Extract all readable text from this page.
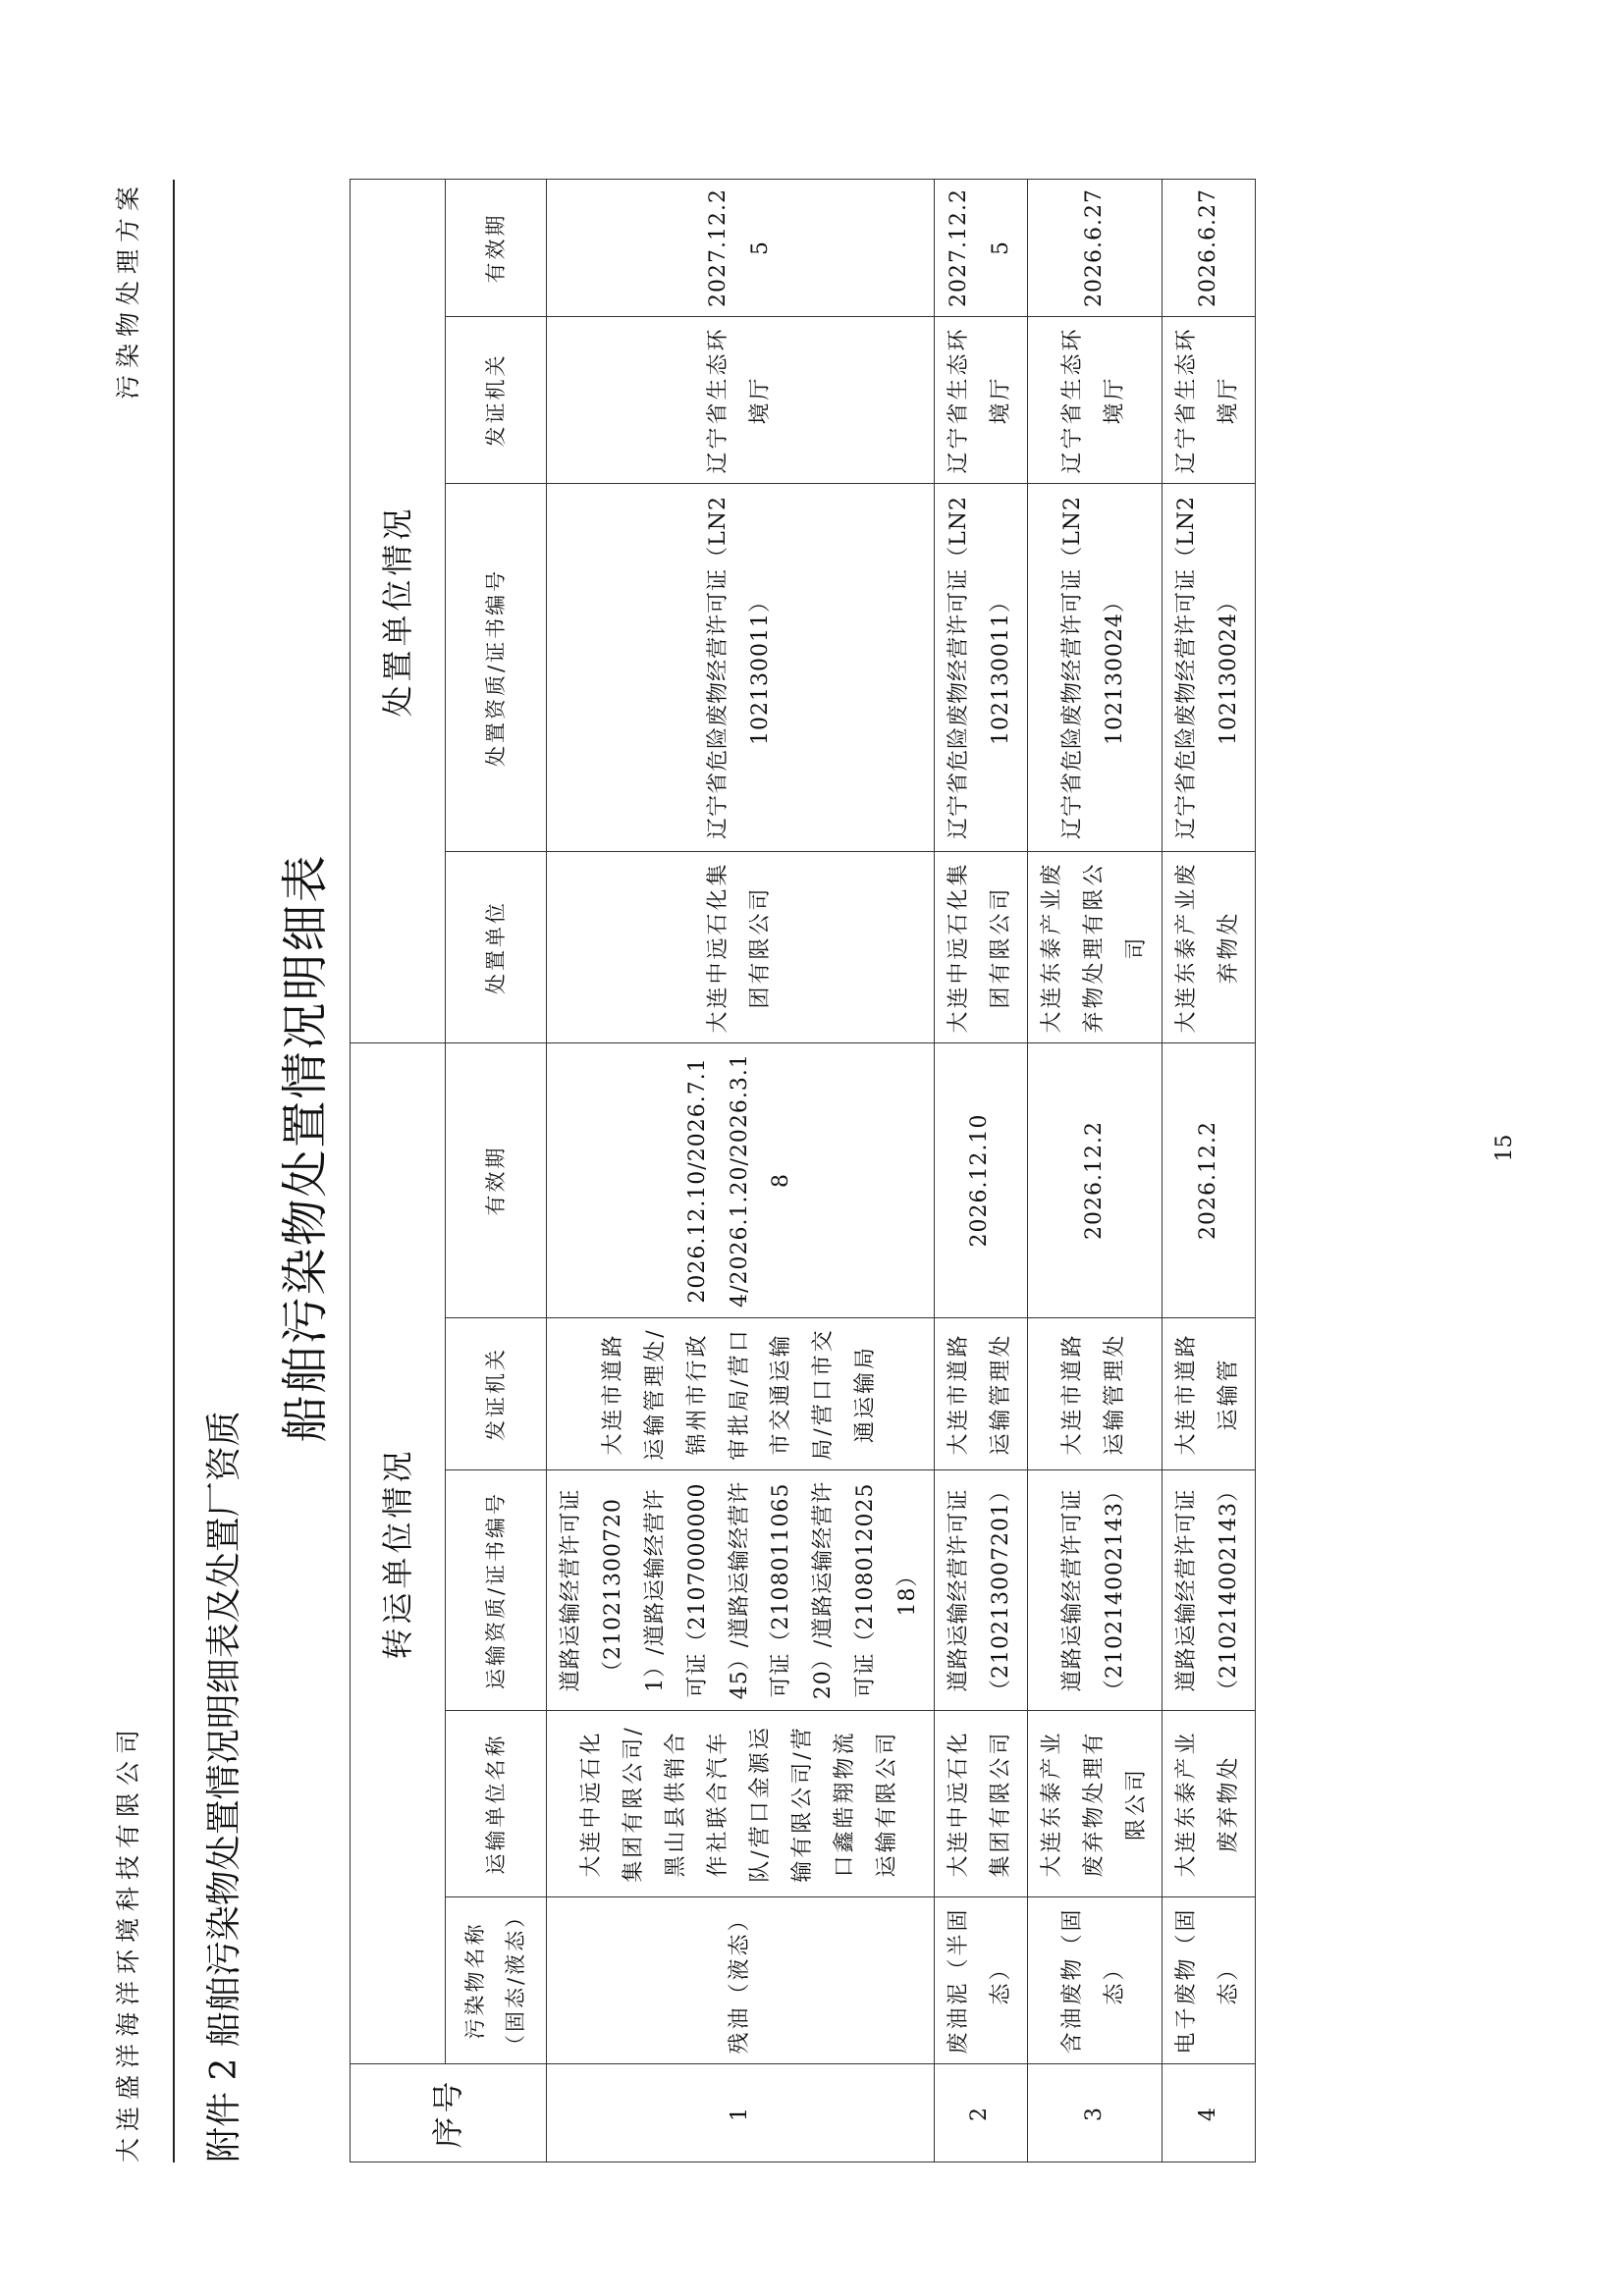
大连盛洋海洋环境科技有限公司
污染物处理方案
附件 2 船舶污染物处置情况明细表及处置厂资质
船舶污染物处置情况明细表
序号	转运单位情况					处置单位情况			
	污染物名称（固态/液态）	运输单位名称	运输资质/证书编号	发证机关	有效期	处置单位	处置资质/证书编号	发证机关	有效期
1	残油（液态）	大连中远石化集团有限公司/黑山县供销合作社联合汽车队/营口金源运输有限公司/营口鑫皓翔物流运输有限公司	道路运输经营许可证（210213007201）/道路运输经营许可证（210700000045）/道路运输经营许可证（210801106520）/道路运输经营许可证（210801202518）	大连市道路运输管理处/锦州市行政审批局/营口市交通运输局/营口市交通运输局	2026.12.10/2026.7.14/2026.1.20/2026.3.18	大连中远石化集团有限公司	辽宁省危险废物经营许可证（LN2102130011）	辽宁省生态环境厅	2027.12.25
2	废油泥（半固态）	大连中远石化集团有限公司	道路运输经营许可证（210213007201）	大连市道路运输管理处	2026.12.10	大连中远石化集团有限公司	辽宁省危险废物经营许可证（LN2102130011）	辽宁省生态环境厅	2027.12.25
3	含油废物（固态）	大连东泰产业废弃物处理有限公司	道路运输经营许可证（210214002143）	大连市道路运输管理处	2026.12.2	大连东泰产业废弃物处理有限公司	辽宁省危险废物经营许可证（LN2102130024）	辽宁省生态环境厅	2026.6.27
4	电子废物（固态）	大连东泰产业废弃物处	道路运输经营许可证（210214002143）	大连市道路运输管	2026.12.2	大连东泰产业废弃物处	辽宁省危险废物经营许可证（LN2102130024）	辽宁省生态环境厅	2026.6.27
15
